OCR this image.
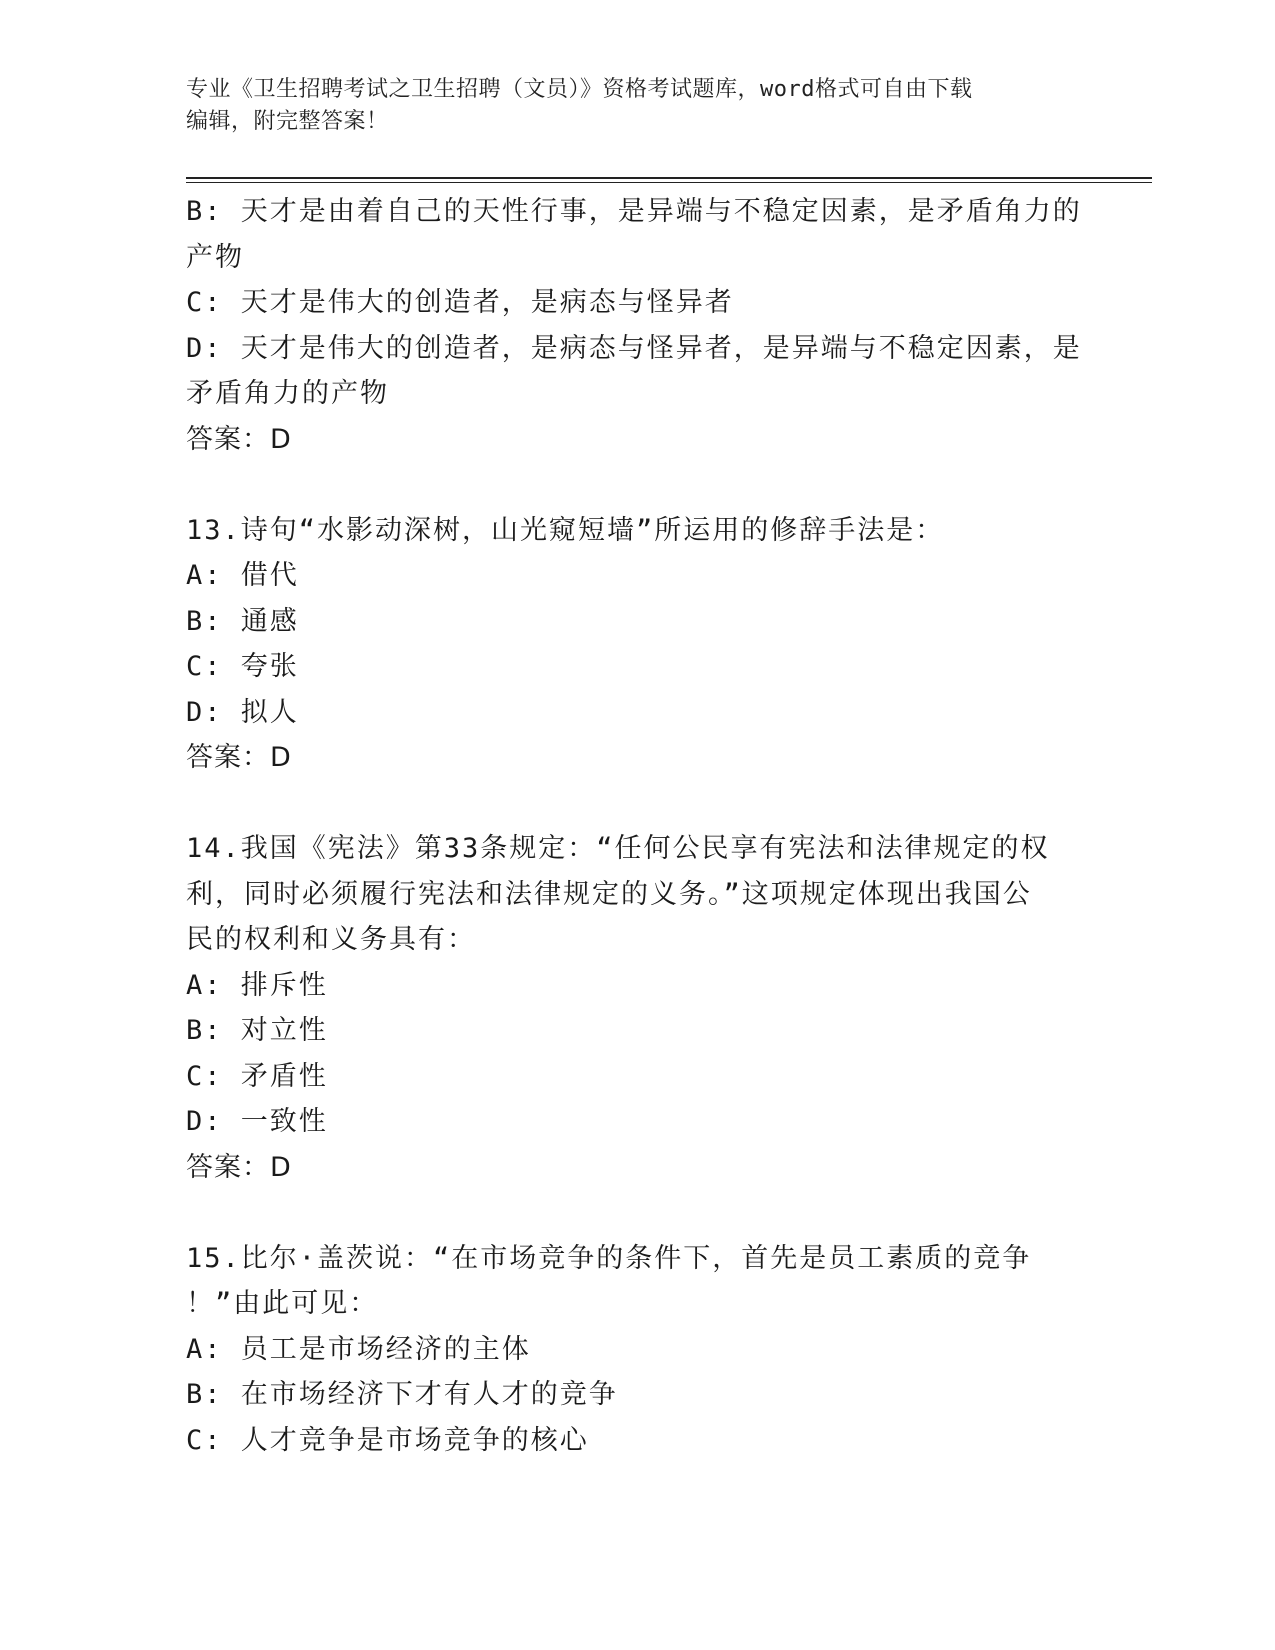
专业《卫生招聘考试之卫生招聘（文员）》资格考试题库，word格式可自由下载
编辑，附完整答案！
B: 天才是由着自己的天性行事，是异端与不稳定因素，是矛盾角力的
产物
C: 天才是伟大的创造者，是病态与怪异者
D: 天才是伟大的创造者，是病态与怪异者，是异端与不稳定因素，是
矛盾角力的产物
答案：D
13.诗句“水影动深树，山光窥短墙”所运用的修辞手法是：
A: 借代
B: 通感
C: 夸张
D: 拟人
答案：D
14.我国《宪法》第33条规定：“任何公民享有宪法和法律规定的权
利，同时必须履行宪法和法律规定的义务。”这项规定体现出我国公
民的权利和义务具有：
A: 排斥性
B: 对立性
C: 矛盾性
D: 一致性
答案：D
15.比尔·盖茨说：“在市场竞争的条件下，首先是员工素质的竞争
！”由此可见：
A: 员工是市场经济的主体
B: 在市场经济下才有人才的竞争
C: 人才竞争是市场竞争的核心
